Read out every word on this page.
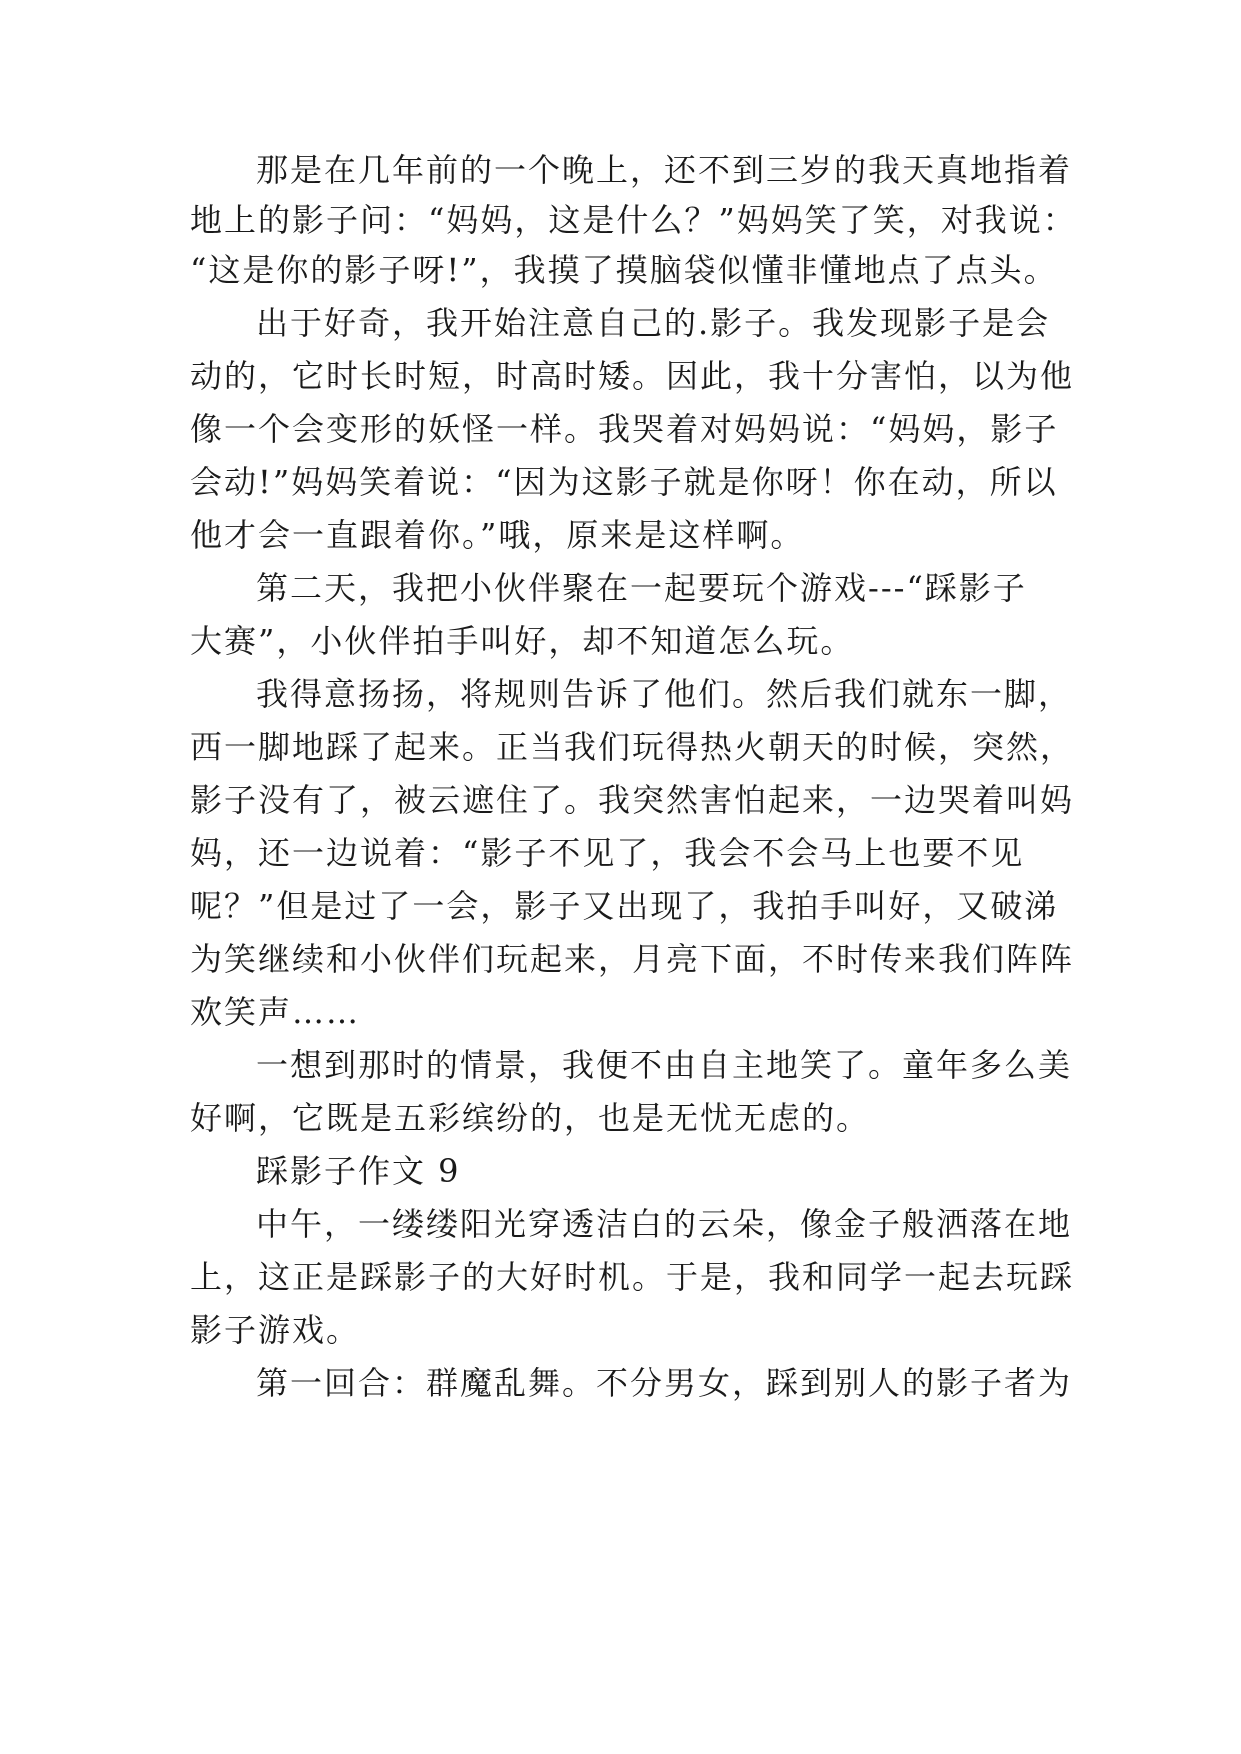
那是在几年前的一个晚上，还不到三岁的我天真地指着
地上的影子问：“妈妈，这是什么？”妈妈笑了笑，对我说：
“这是你的影子呀!”，我摸了摸脑袋似懂非懂地点了点头。
出于好奇，我开始注意自己的.影子。我发现影子是会
动的，它时长时短，时高时矮。因此，我十分害怕，以为他
像一个会变形的妖怪一样。我哭着对妈妈说：“妈妈，影子
会动!”妈妈笑着说：“因为这影子就是你呀！你在动，所以
他才会一直跟着你。”哦，原来是这样啊。
第二天，我把小伙伴聚在一起要玩个游戏---“踩影子
大赛”，小伙伴拍手叫好，却不知道怎么玩。
我得意扬扬，将规则告诉了他们。然后我们就东一脚，
西一脚地踩了起来。正当我们玩得热火朝天的时候，突然，
影子没有了，被云遮住了。我突然害怕起来，一边哭着叫妈
妈，还一边说着：“影子不见了，我会不会马上也要不见
呢？”但是过了一会，影子又出现了，我拍手叫好，又破涕
为笑继续和小伙伴们玩起来，月亮下面，不时传来我们阵阵
欢笑声……
一想到那时的情景，我便不由自主地笑了。童年多么美
好啊，它既是五彩缤纷的，也是无忧无虑的。
踩影子作文 9
中午，一缕缕阳光穿透洁白的云朵，像金子般洒落在地
上，这正是踩影子的大好时机。于是，我和同学一起去玩踩
影子游戏。
第一回合：群魔乱舞。不分男女，踩到别人的影子者为
